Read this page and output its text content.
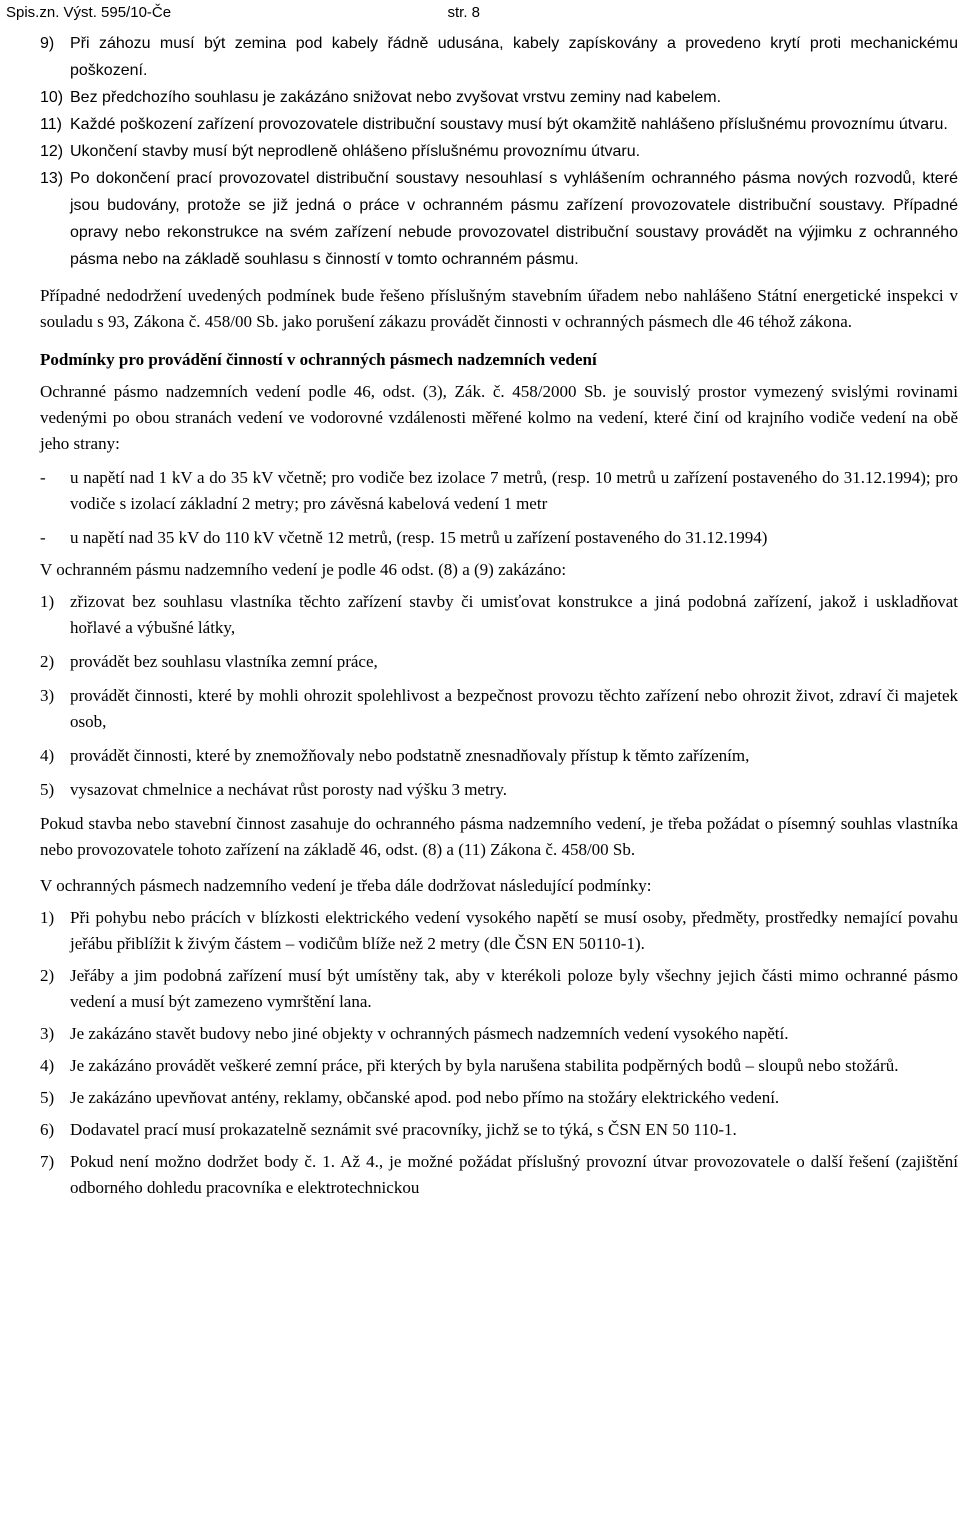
Spis.zn. Výst. 595/10-Če	str. 8
9) Při záhozu musí být zemina pod kabely řádně udusána, kabely zapískovány a provedeno krytí proti mechanickému poškození.
10) Bez předchozího souhlasu je zakázáno snižovat nebo zvyšovat vrstvu zeminy nad kabelem.
11) Každé poškození zařízení provozovatele distribuční soustavy musí být okamžitě nahlášeno příslušnému provoznímu útvaru.
12) Ukončení stavby musí být neprodleně ohlášeno příslušnému provoznímu útvaru.
13) Po dokončení prací provozovatel distribuční soustavy nesouhlasí s vyhlášením ochranného pásma nových rozvodů, které jsou budovány, protože se již jedná o práce v ochranném pásmu zařízení provozovatele distribuční soustavy. Případné opravy nebo rekonstrukce na svém zařízení nebude provozovatel distribuční soustavy provádět na výjimku z ochranného pásma nebo na základě souhlasu s činností v tomto ochranném pásmu.

Případné nedodržení uvedených podmínek bude řešeno příslušným stavebním úřadem nebo nahlášeno Státní energetické inspekci v souladu s 93, Zákona č. 458/00 Sb. jako porušení zákazu provádět činnosti v ochranných pásmech dle 46 téhož zákona.

Podmínky pro provádění činností v ochranných pásmech nadzemních vedení

Ochranné pásmo nadzemních vedení podle 46, odst. (3), Zák. č. 458/2000 Sb. je souvislý prostor vymezený svislými rovinami vedenými po obou stranách vedení ve vodorovné vzdálenosti měřené kolmo na vedení, které činí od krajního vodiče vedení na obě jeho strany:

- u napětí nad 1 kV a do 35 kV včetně; pro vodiče bez izolace 7 metrů, (resp. 10 metrů u zařízení postaveného do 31.12.1994); pro vodiče s izolací základní 2 metry; pro závěsná kabelová vedení 1 metr
- u napětí nad 35 kV do 110 kV včetně 12 metrů, (resp. 15 metrů u zařízení postaveného do 31.12.1994)

V ochranném pásmu nadzemního vedení je podle 46 odst. (8) a (9) zakázáno:

1) zřizovat bez souhlasu vlastníka těchto zařízení stavby či umisťovat konstrukce a jiná podobná zařízení, jakož i uskladňovat hořlavé a výbušné látky,
2) provádět bez souhlasu vlastníka zemní práce,
3) provádět činnosti, které by mohli ohrozit spolehlivost a bezpečnost provozu těchto zařízení nebo ohrozit život, zdraví či majetek osob,
4) provádět činnosti, které by znemožňovaly nebo podstatně znesnadňovaly přístup k těmto zařízením,
5) vysazovat chmelnice a nechávat růst porosty nad výšku 3 metry.

Pokud stavba nebo stavební činnost zasahuje do ochranného pásma nadzemního vedení, je třeba požádat o písemný souhlas vlastníka nebo provozovatele tohoto zařízení na základě 46, odst. (8) a (11) Zákona č. 458/00 Sb.

V ochranných pásmech nadzemního vedení je třeba dále dodržovat následující podmínky:

1) Při pohybu nebo prácích v blízkosti elektrického vedení vysokého napětí se musí osoby, předměty, prostředky nemající povahu jeřábu přiblížit k živým částem – vodičům blíže než 2 metry (dle ČSN EN 50110-1).
2) Jeřáby a jim podobná zařízení musí být umístěny tak, aby v kterékoli poloze byly všechny jejich části mimo ochranné pásmo vedení a musí být zamezeno vymrštění lana.
3) Je zakázáno stavět budovy nebo jiné objekty v ochranných pásmech nadzemních vedení vysokého napětí.
4) Je zakázáno provádět veškeré zemní práce, při kterých by byla narušena stabilita podpěrných bodů – sloupů nebo stožárů.
5) Je zakázáno upevňovat antény, reklamy, občanské apod. pod nebo přímo na stožáry elektrického vedení.
6) Dodavatel prací musí prokazatelně seznámit své pracovníky, jichž se to týká, s ČSN EN 50 110-1.
7) Pokud není možno dodržet body č. 1. Až 4., je možné požádat příslušný provozní útvar provozovatele o další řešení (zajištění odborného dohledu pracovníka e elektrotechnickou
